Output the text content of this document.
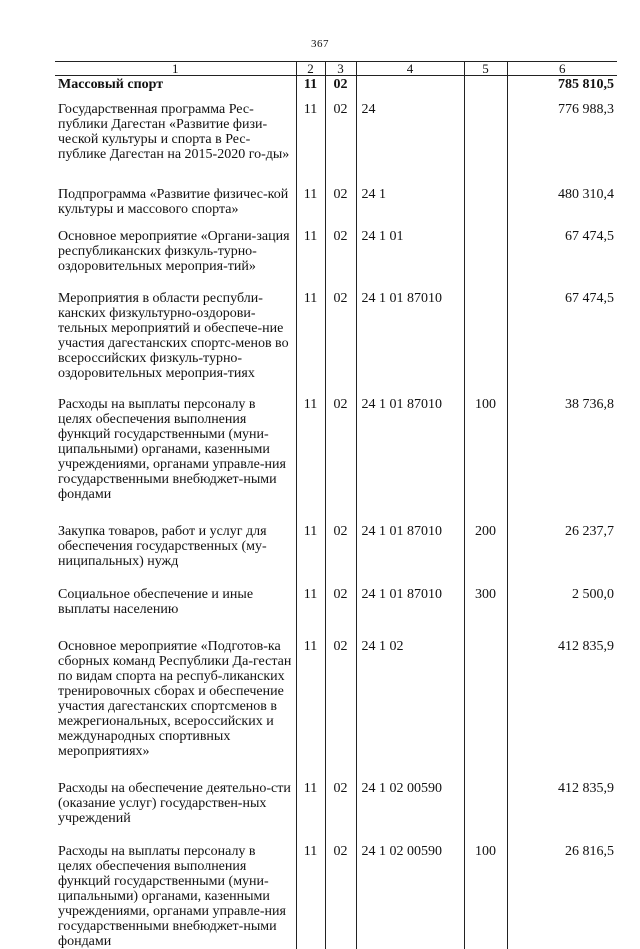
367
1	2	3	4	5	6
Массовый спорт	11	02			785 810,5
Государственная программа Рес-публики Дагестан «Развитие физи-ческой культуры и спорта в Рес-публике Дагестан на 2015-2020 го-ды»	11	02	24		776 988,3
Подпрограмма «Развитие физичес-кой культуры и массового спорта»	11	02	24 1		480 310,4
Основное мероприятие «Органи-зация республиканских физкуль-турно-оздоровительных мероприя-тий»	11	02	24 1 01		67 474,5
Мероприятия в области республи-канских физкультурно-оздорови-тельных мероприятий и обеспече-ние участия дагестанских спортс-менов во всероссийских физкуль-турно-оздоровительных мероприя-тиях	11	02	24 1 01 87010		67 474,5
Расходы на выплаты персоналу в целях обеспечения выполнения функций государственными (муни-ципальными) органами, казенными учреждениями, органами управле-ния государственными внебюджет-ными фондами	11	02	24 1 01 87010	100	38 736,8
Закупка товаров, работ и услуг для обеспечения государственных (му-ниципальных) нужд	11	02	24 1 01 87010	200	26 237,7
Социальное обеспечение и иные выплаты населению	11	02	24 1 01 87010	300	2 500,0
Основное мероприятие «Подготов-ка сборных команд Республики Да-гестан по видам спорта на респуб-ликанских тренировочных сборах и обеспечение участия дагестанских спортсменов в межрегиональных, всероссийских и международных спортивных мероприятиях»	11	02	24 1 02		412 835,9
Расходы на обеспечение деятельно-сти (оказание услуг) государствен-ных учреждений	11	02	24 1 02 00590		412 835,9
Расходы на выплаты персоналу в целях обеспечения выполнения функций государственными (муни-ципальными) органами, казенными учреждениями, органами управле-ния государственными внебюджет-ными фондами	11	02	24 1 02 00590	100	26 816,5
